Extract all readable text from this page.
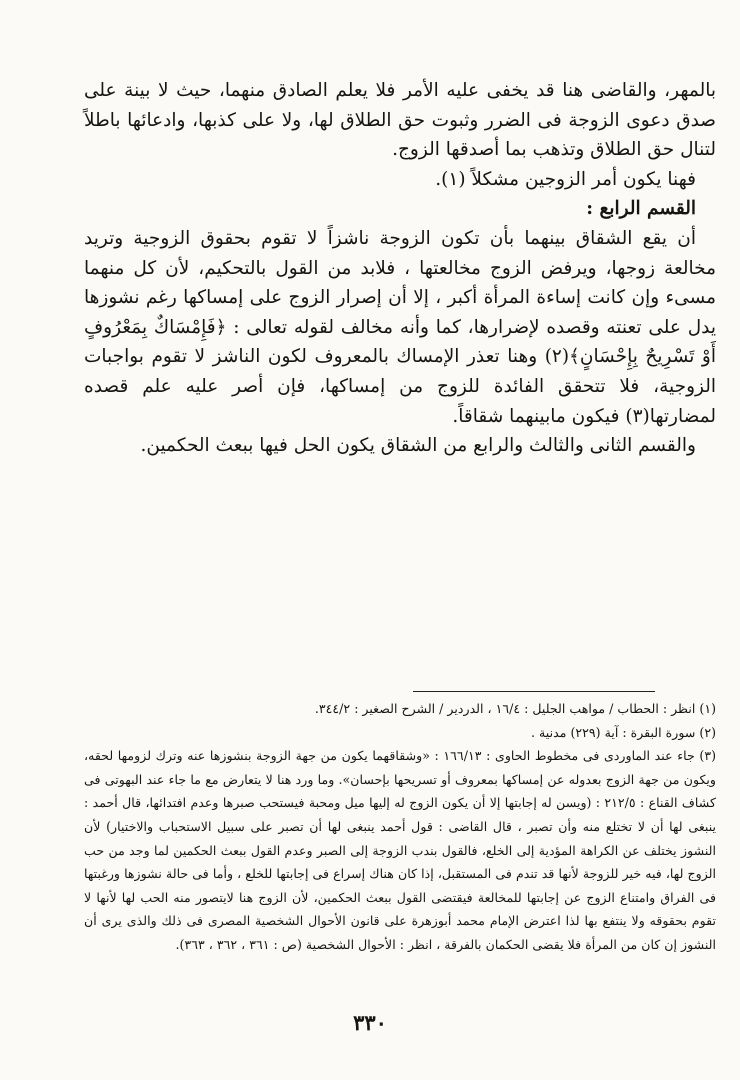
بالمهر، والقاضى هنا قد يخفى عليه الأمر فلا يعلم الصادق منهما، حيث لا بينة على صدق دعوى الزوجة فى الضرر وثبوت حق الطلاق لها، ولا على كذبها، وادعائها باطلاً لتنال حق الطلاق وتذهب بما أصدقها الزوج.

فهنا يكون أمر الزوجين مشكلاً (١).

القسم الرابع :

أن يقع الشقاق بينهما بأن تكون الزوجة ناشزاً لا تقوم بحقوق الزوجية وتريد مخالعة زوجها، ويرفض الزوج مخالعتها ، فلابد من القول بالتحكيم، لأن كل منهما مسىء وإن كانت إساءة المرأة أكبر ، إلا أن إصرار الزوج على إمساكها رغم نشوزها يدل على تعنته وقصده لإضرارها، كما وأنه مخالف لقوله تعالى : ﴿فَإِمْسَاكٌ بِمَعْرُوفٍ أَوْ تَسْرِيحٌ بِإِحْسَانٍ﴾(٢) وهنا تعذر الإمساك بالمعروف لكون الناشز لا تقوم بواجبات الزوجية، فلا تتحقق الفائدة للزوج من إمساكها، فإن أصر عليه علم قصده لمضارتها(٣) فيكون مابينهما شقاقاً.

والقسم الثانى والثالث والرابع من الشقاق يكون الحل فيها ببعث الحكمين.

(١) انظر : الحطاب / مواهب الجليل : ١٦/٤ ، الدردير / الشرح الصغير : ٣٤٤/٢.

(٢) سورة البقرة : آية (٢٢٩) مدنية .

(٣) جاء عند الماوردى فى مخطوط الحاوى : ١٦٦/١٣ : «وشقاقهما يكون من جهة الزوجة بنشوزها عنه وترك لزومها لحقه، ويكون من جهة الزوج بعدوله عن إمساكها بمعروف أو تسريحها بإحسان». وما ورد هنا لا يتعارض مع ما جاء عند البهوتى فى كشاف القناع : ٢١٢/٥ : (ويسن له إجابتها إلا أن يكون الزوج له إليها ميل ومحبة فيستحب صبرها وعدم افتدائها، قال أحمد : ينبغى لها أن لا تختلع منه وأن تصبر ، قال القاضى : قول أحمد ينبغى لها أن تصبر على سبيل الاستحباب والاختيار) لأن النشوز يختلف عن الكراهة المؤدية إلى الخلع، فالقول بندب الزوجة إلى الصبر وعدم القول ببعث الحكمين لما وجد من حب الزوج لها، فيه خير للزوجة لأنها قد تندم فى المستقبل، إذا كان هناك إسراع فى إجابتها للخلع ، وأما فى حالة نشوزها ورغبتها فى الفراق وامتناع الزوج عن إجابتها للمخالعة فيقتضى القول ببعث الحكمين، لأن الزوج هنا لايتصور منه الحب لها لأنها لا تقوم بحقوقه ولا ينتفع بها لذا اعترض الإمام محمد أبوزهرة على قانون الأحوال الشخصية المصرى فى ذلك والذى يرى أن النشوز إن كان من المرأة فلا يقضى الحكمان بالفرقة ، انظر : الأحوال الشخصية (ص : ٣٦١ ، ٣٦٢ ، ٣٦٣).

٣٣٠
